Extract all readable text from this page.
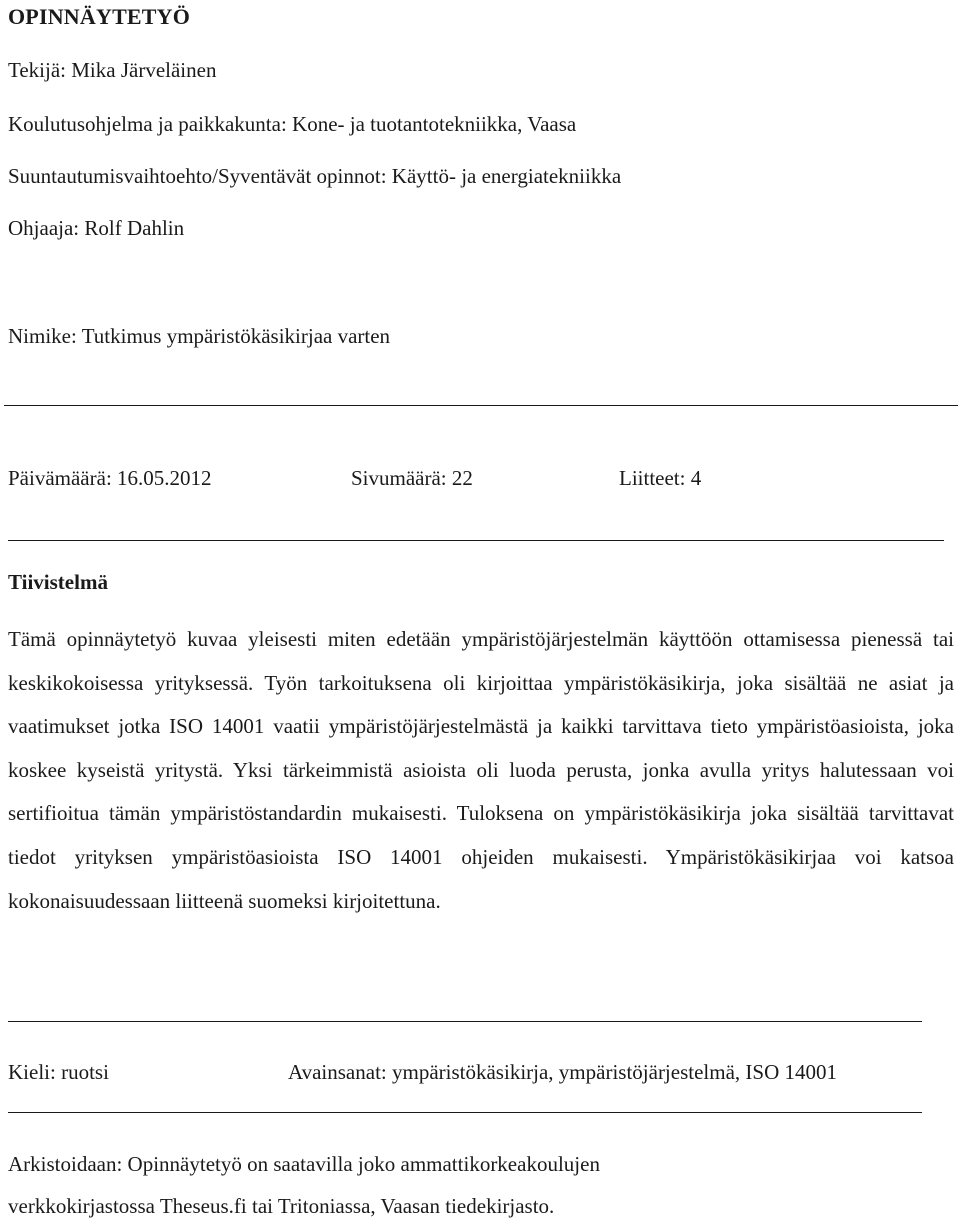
OPINNÄYTETYÖ
Tekijä: Mika Järveläinen
Koulutusohjelma ja paikkakunta: Kone- ja tuotantotekniikka, Vaasa
Suuntautumisvaihtoehto/Syventävät opinnot: Käyttö- ja energiatekniikka
Ohjaaja: Rolf Dahlin
Nimike: Tutkimus ympäristökäsikirjaa varten
Päivämäärä: 16.05.2012	Sivumäärä: 22	Liitteet: 4
Tiivistelmä
Tämä opinnäytetyö kuvaa yleisesti miten edetään ympäristöjärjestelmän käyttöön ottamisessa pienessä tai keskikokoisessa yrityksessä. Työn tarkoituksena oli kirjoittaa ympäristökäsikirja, joka sisältää ne asiat ja vaatimukset jotka ISO 14001 vaatii ympäristöjärjestelmästä ja kaikki tarvittava tieto ympäristöasioista, joka koskee kyseistä yritystä. Yksi tärkeimmistä asioista oli luoda perusta, jonka avulla yritys halutessaan voi sertifioitua tämän ympäristöstandardin mukaisesti. Tuloksena on ympäristökäsikirja joka sisältää tarvittavat tiedot yrityksen ympäristöasioista ISO 14001 ohjeiden mukaisesti. Ympäristökäsikirjaa voi katsoa kokonaisuudessaan liitteenä suomeksi kirjoitettuna.
Kieli: ruotsi	Avainsanat: ympäristökäsikirja, ympäristöjärjestelmä, ISO 14001
Arkistoidaan: Opinnäytetyö on saatavilla joko ammattikorkeakoulujen
verkkokirjastossa Theseus.fi tai Tritoniassa, Vaasan tiedekirjasto.
